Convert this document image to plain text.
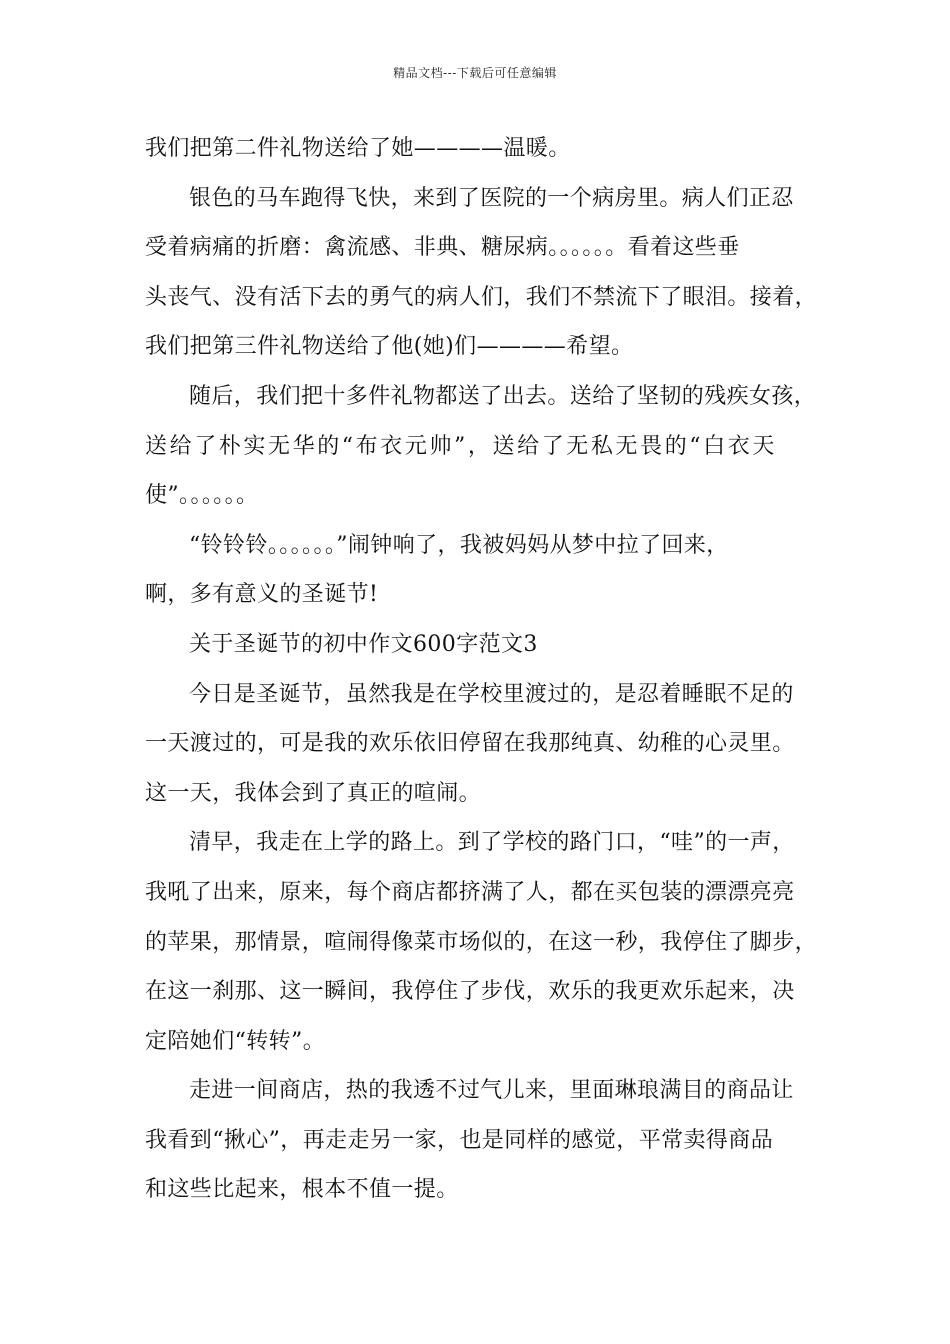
精品文档---下载后可任意编辑
我们把第二件礼物送给了她————温暖。
银色的马车跑得飞快，来到了医院的一个病房里。病人们正忍
受着病痛的折磨：禽流感、非典、糖尿病。。。。。。看着这些垂
头丧气、没有活下去的勇气的病人们，我们不禁流下了眼泪。接着，
我们把第三件礼物送给了他(她)们————希望。
随后，我们把十多件礼物都送了出去。送给了坚韧的残疾女孩，
送给了朴实无华的“布衣元帅”，送给了无私无畏的“白衣天
使”。。。。。。
“铃铃铃。。。。。。”闹钟响了，我被妈妈从梦中拉了回来，
啊，多有意义的圣诞节!
关于圣诞节的初中作文600字范文3
今日是圣诞节，虽然我是在学校里渡过的，是忍着睡眠不足的
一天渡过的，可是我的欢乐依旧停留在我那纯真、幼稚的心灵里。
这一天，我体会到了真正的喧闹。
清早，我走在上学的路上。到了学校的路门口，“哇”的一声，
我吼了出来，原来，每个商店都挤满了人，都在买包装的漂漂亮亮
的苹果，那情景，喧闹得像菜市场似的，在这一秒，我停住了脚步，
在这一刹那、这一瞬间，我停住了步伐，欢乐的我更欢乐起来，决
定陪她们“转转”。
走进一间商店，热的我透不过气儿来，里面琳琅满目的商品让
我看到“揪心”，再走走另一家，也是同样的感觉，平常卖得商品
和这些比起来，根本不值一提。
